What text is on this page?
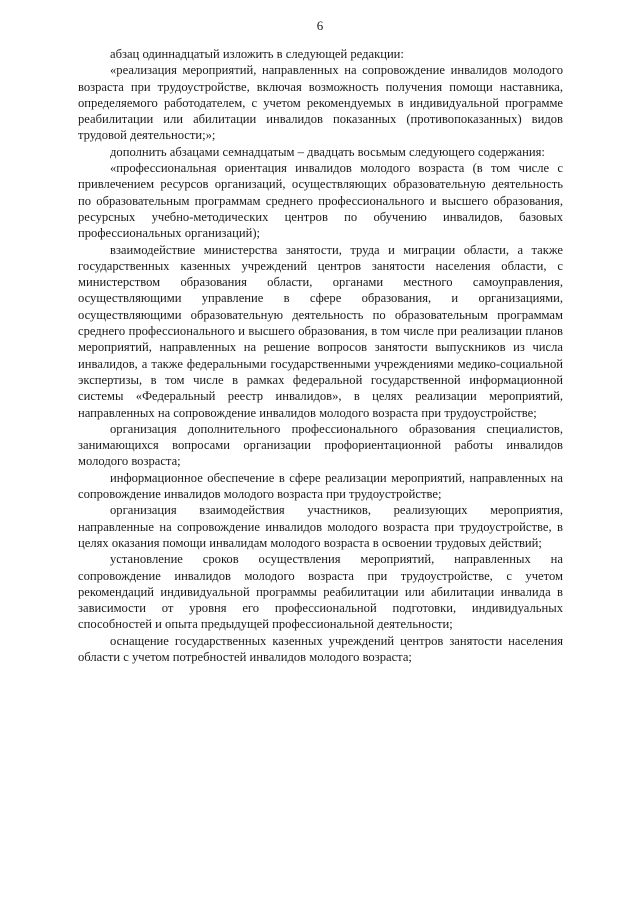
6

абзац одиннадцатый изложить в следующей редакции:

«реализация мероприятий, направленных на сопровождение инвалидов молодого возраста при трудоустройстве, включая возможность получения помощи наставника, определяемого работодателем, с учетом рекомендуемых в индивидуальной программе реабилитации или абилитации инвалидов показанных (противопоказанных) видов трудовой деятельности;»;

дополнить абзацами семнадцатым – двадцать восьмым следующего содержания:

«профессиональная ориентация инвалидов молодого возраста (в том числе с привлечением ресурсов организаций, осуществляющих образовательную деятельность по образовательным программам среднего профессионального и высшего образования, ресурсных учебно-методических центров по обучению инвалидов, базовых профессиональных организаций);

взаимодействие министерства занятости, труда и миграции области, а также государственных казенных учреждений центров занятости населения области, с министерством образования области, органами местного самоуправления, осуществляющими управление в сфере образования, и организациями, осуществляющими образовательную деятельность по образовательным программам среднего профессионального и высшего образования, в том числе при реализации планов мероприятий, направленных на решение вопросов занятости выпускников из числа инвалидов, а также федеральными государственными учреждениями медико-социальной экспертизы, в том числе в рамках федеральной государственной информационной системы «Федеральный реестр инвалидов», в целях реализации мероприятий, направленных на сопровождение инвалидов молодого возраста при трудоустройстве;

организация дополнительного профессионального образования специалистов, занимающихся вопросами организации профориентационной работы инвалидов молодого возраста;

информационное обеспечение в сфере реализации мероприятий, направленных на сопровождение инвалидов молодого возраста при трудоустройстве;

организация взаимодействия участников, реализующих мероприятия, направленные на сопровождение инвалидов молодого возраста при трудоустройстве, в целях оказания помощи инвалидам молодого возраста в освоении трудовых действий;

установление сроков осуществления мероприятий, направленных на сопровождение инвалидов молодого возраста при трудоустройстве, с учетом рекомендаций индивидуальной программы реабилитации или абилитации инвалида в зависимости от уровня его профессиональной подготовки, индивидуальных способностей и опыта предыдущей профессиональной деятельности;

оснащение государственных казенных учреждений центров занятости населения области с учетом потребностей инвалидов молодого возраста;
